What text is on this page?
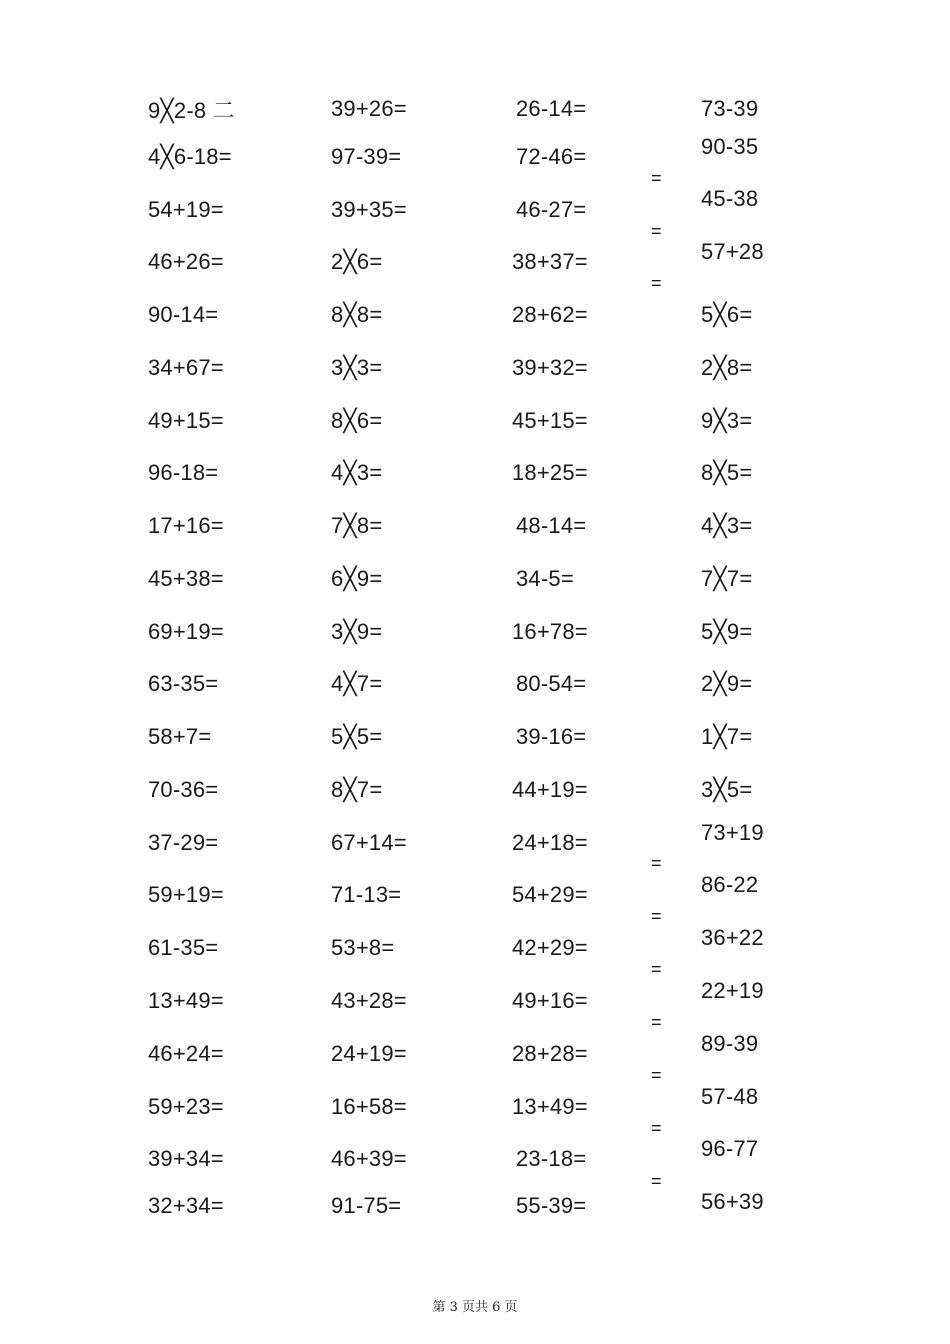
9╳2-8 二
4╳6-18=
54+19=
46+26=
90-14=
34+67=
49+15=
96-18=
17+16=
45+38=
69+19=
63-35=
58+7=
70-36=
37-29=
59+19=
61-35=
13+49=
46+24=
59+23=
39+34=
32+34=
39+26=
97-39=
39+35=
2╳6=
8╳8=
3╳3=
8╳6=
4╳3=
7╳8=
6╳9=
3╳9=
4╳7=
5╳5=
8╳7=
67+14=
71-13=
53+8=
43+28=
24+19=
16+58=
46+39=
91-75=
26-14=
72-46=
46-27=
38+37=
28+62=
39+32=
45+15=
18+25=
48-14=
34-5=
16+78=
80-54=
39-16=
44+19=
24+18=
54+29=
42+29=
49+16=
28+28=
13+49=
23-18=
55-39=
73-39
90-35
45-38
57+28
5╳6=
2╳8=
9╳3=
8╳5=
4╳3=
7╳7=
5╳9=
2╳9=
1╳7=
3╳5=
73+19
86-22
36+22
22+19
89-39
57-48
96-77
56+39
=
=
=
=
=
=
=
=
=
=
第 3 页共 6 页
